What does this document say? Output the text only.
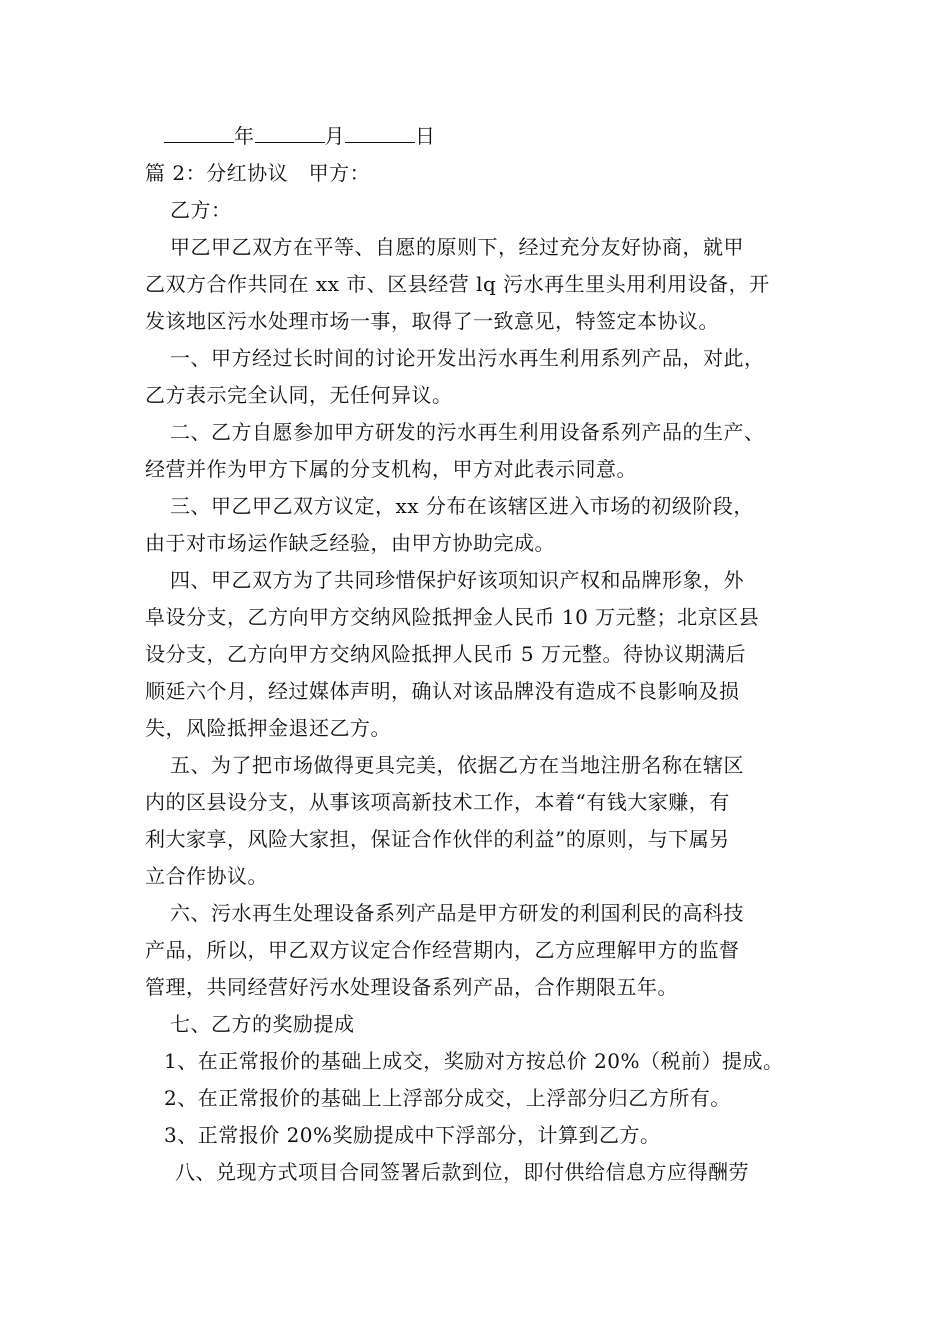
年	月	日
篇 2：分红协议　甲方：
乙方：
甲乙甲乙双方在平等、自愿的原则下，经过充分友好协商，就甲
乙双方合作共同在 xx 市、区县经营 lq 污水再生里头用利用设备，开
发该地区污水处理市场一事，取得了一致意见，特签定本协议。
一、甲方经过长时间的讨论开发出污水再生利用系列产品，对此，
乙方表示完全认同，无任何异议。
二、乙方自愿参加甲方研发的污水再生利用设备系列产品的生产、
经营并作为甲方下属的分支机构，甲方对此表示同意。
三、甲乙甲乙双方议定，xx 分布在该辖区进入市场的初级阶段，
由于对市场运作缺乏经验，由甲方协助完成。
四、甲乙双方为了共同珍惜保护好该项知识产权和品牌形象，外
阜设分支，乙方向甲方交纳风险抵押金人民币 10 万元整；北京区县
设分支，乙方向甲方交纳风险抵押人民币 5 万元整。待协议期满后
顺延六个月，经过媒体声明，确认对该品牌没有造成不良影响及损
失，风险抵押金退还乙方。
五、为了把市场做得更具完美，依据乙方在当地注册名称在辖区
内的区县设分支，从事该项高新技术工作，本着“有钱大家赚，有
利大家享，风险大家担，保证合作伙伴的利益”的原则，与下属另
立合作协议。
六、污水再生处理设备系列产品是甲方研发的利国利民的高科技
产品，所以，甲乙双方议定合作经营期内，乙方应理解甲方的监督
管理，共同经营好污水处理设备系列产品，合作期限五年。
七、乙方的奖励提成
1、在正常报价的基础上成交，奖励对方按总价 20%（税前）提成。
2、在正常报价的基础上上浮部分成交，上浮部分归乙方所有。
3、正常报价 20%奖励提成中下浮部分，计算到乙方。
八、兑现方式项目合同签署后款到位，即付供给信息方应得酬劳
